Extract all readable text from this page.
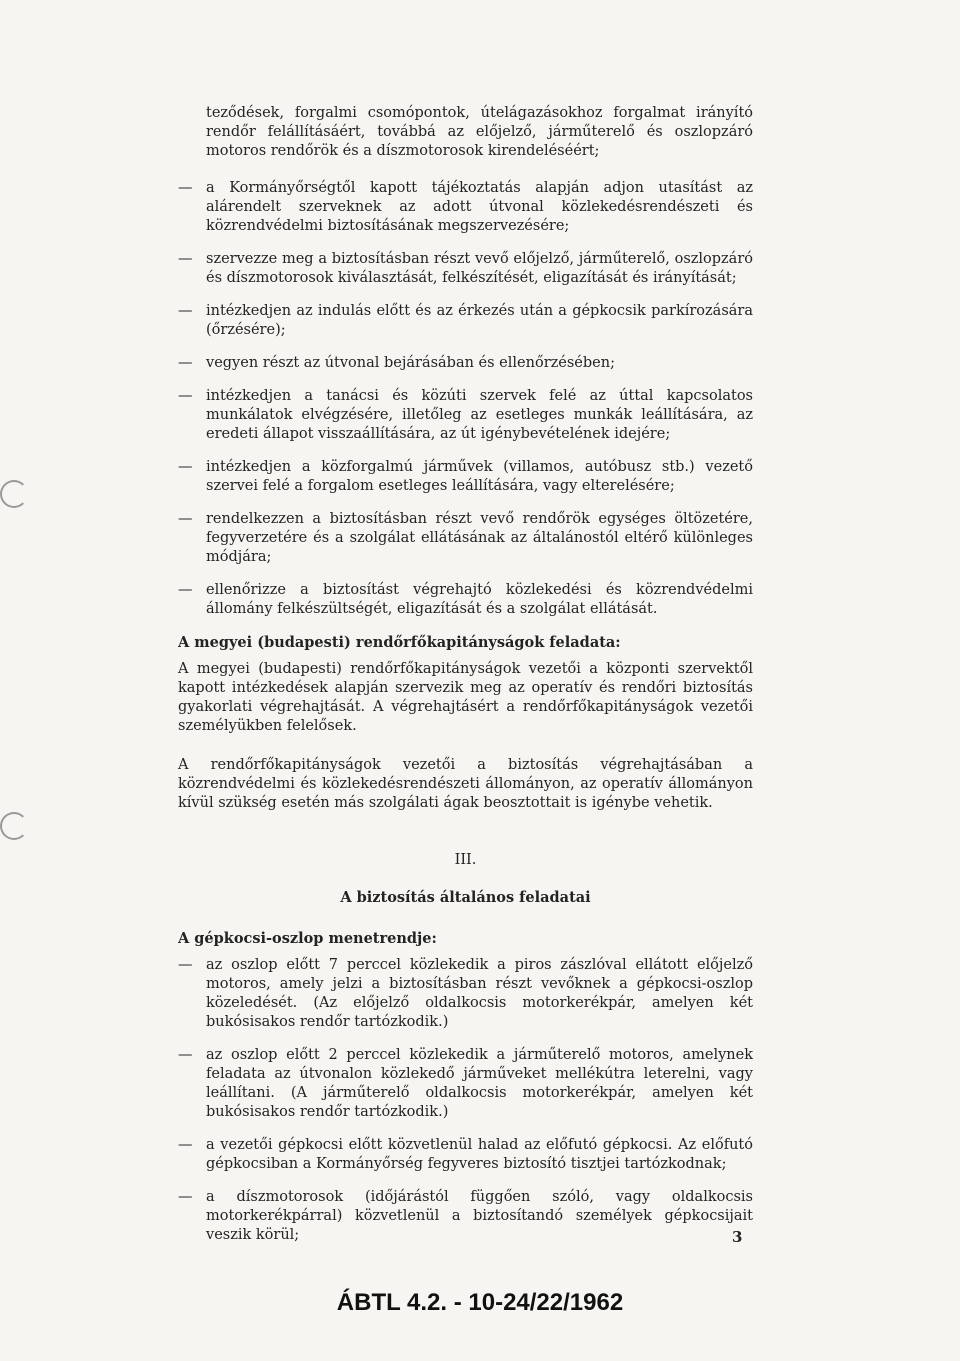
teződések, forgalmi csomópontok, útelágazásokhoz forgalmat irányító rendőr felállításáért, továbbá az előjelző, járműterelő és oszlopzáró motoros rendőrök és a díszmotorosok kirendeléséért;

— a Kormányőrségtől kapott tájékoztatás alapján adjon utasítást az alárendelt szerveknek az adott útvonal közlekedésrendészeti és közrendvédelmi biztosításának megszervezésére;

— szervezze meg a biztosításban részt vevő előjelző, járműterelő, oszlopzáró és díszmotorosok kiválasztását, felkészítését, eligazítását és irányítását;

— intézkedjen az indulás előtt és az érkezés után a gépkocsik parkírozására (őrzésére);

— vegyen részt az útvonal bejárásában és ellenőrzésében;

— intézkedjen a tanácsi és közúti szervek felé az úttal kapcsolatos munkálatok elvégzésére, illetőleg az esetleges munkák leállítására, az eredeti állapot visszaállítására, az út igénybevételének idejére;

— intézkedjen a közforgalmú járművek (villamos, autóbusz stb.) vezető szervei felé a forgalom esetleges leállítására, vagy elterelésére;

— rendelkezzen a biztosításban részt vevő rendőrök egységes öltözetére, fegyverzetére és a szolgálat ellátásának az általánostól eltérő különleges módjára;

— ellenőrizze a biztosítást végrehajtó közlekedési és közrendvédelmi állomány felkészültségét, eligazítását és a szolgálat ellátását.

A megyei (budapesti) rendőrfőkapitányságok feladata:

A megyei (budapesti) rendőrfőkapitányságok vezetői a központi szervektől kapott intézkedések alapján szervezik meg az operatív és rendőri biztosítás gyakorlati végrehajtását. A végrehajtásért a rendőrfőkapitányságok vezetői személyükben felelősek.

A rendőrfőkapitányságok vezetői a biztosítás végrehajtásában a közrendvédelmi és közlekedésrendészeti állományon, az operatív állományon kívül szükség esetén más szolgálati ágak beosztottait is igénybe vehetik.

III.

A biztosítás általános feladatai

A gépkocsi-oszlop menetrendje:

— az oszlop előtt 7 perccel közlekedik a piros zászlóval ellátott előjelző motoros, amely jelzi a biztosításban részt vevőknek a gépkocsi-oszlop közeledését. (Az előjelző oldalkocsis motorkerékpár, amelyen két bukósisakos rendőr tartózkodik.)

— az oszlop előtt 2 perccel közlekedik a járműterelő motoros, amelynek feladata az útvonalon közlekedő járműveket mellékútra leterelni, vagy leállítani. (A járműterelő oldalkocsis motorkerékpár, amelyen két bukósisakos rendőr tartózkodik.)

— a vezetői gépkocsi előtt közvetlenül halad az előfutó gépkocsi. Az előfutó gépkocsiban a Kormányőrség fegyveres biztosító tisztjei tartózkodnak;

— a díszmotorosok (időjárástól függően szóló, vagy oldalkocsis motorkerékpárral) közvetlenül a biztosítandó személyek gépkocsijait veszik körül;	3
ÁBTL 4.2. - 10-24/22/1962
